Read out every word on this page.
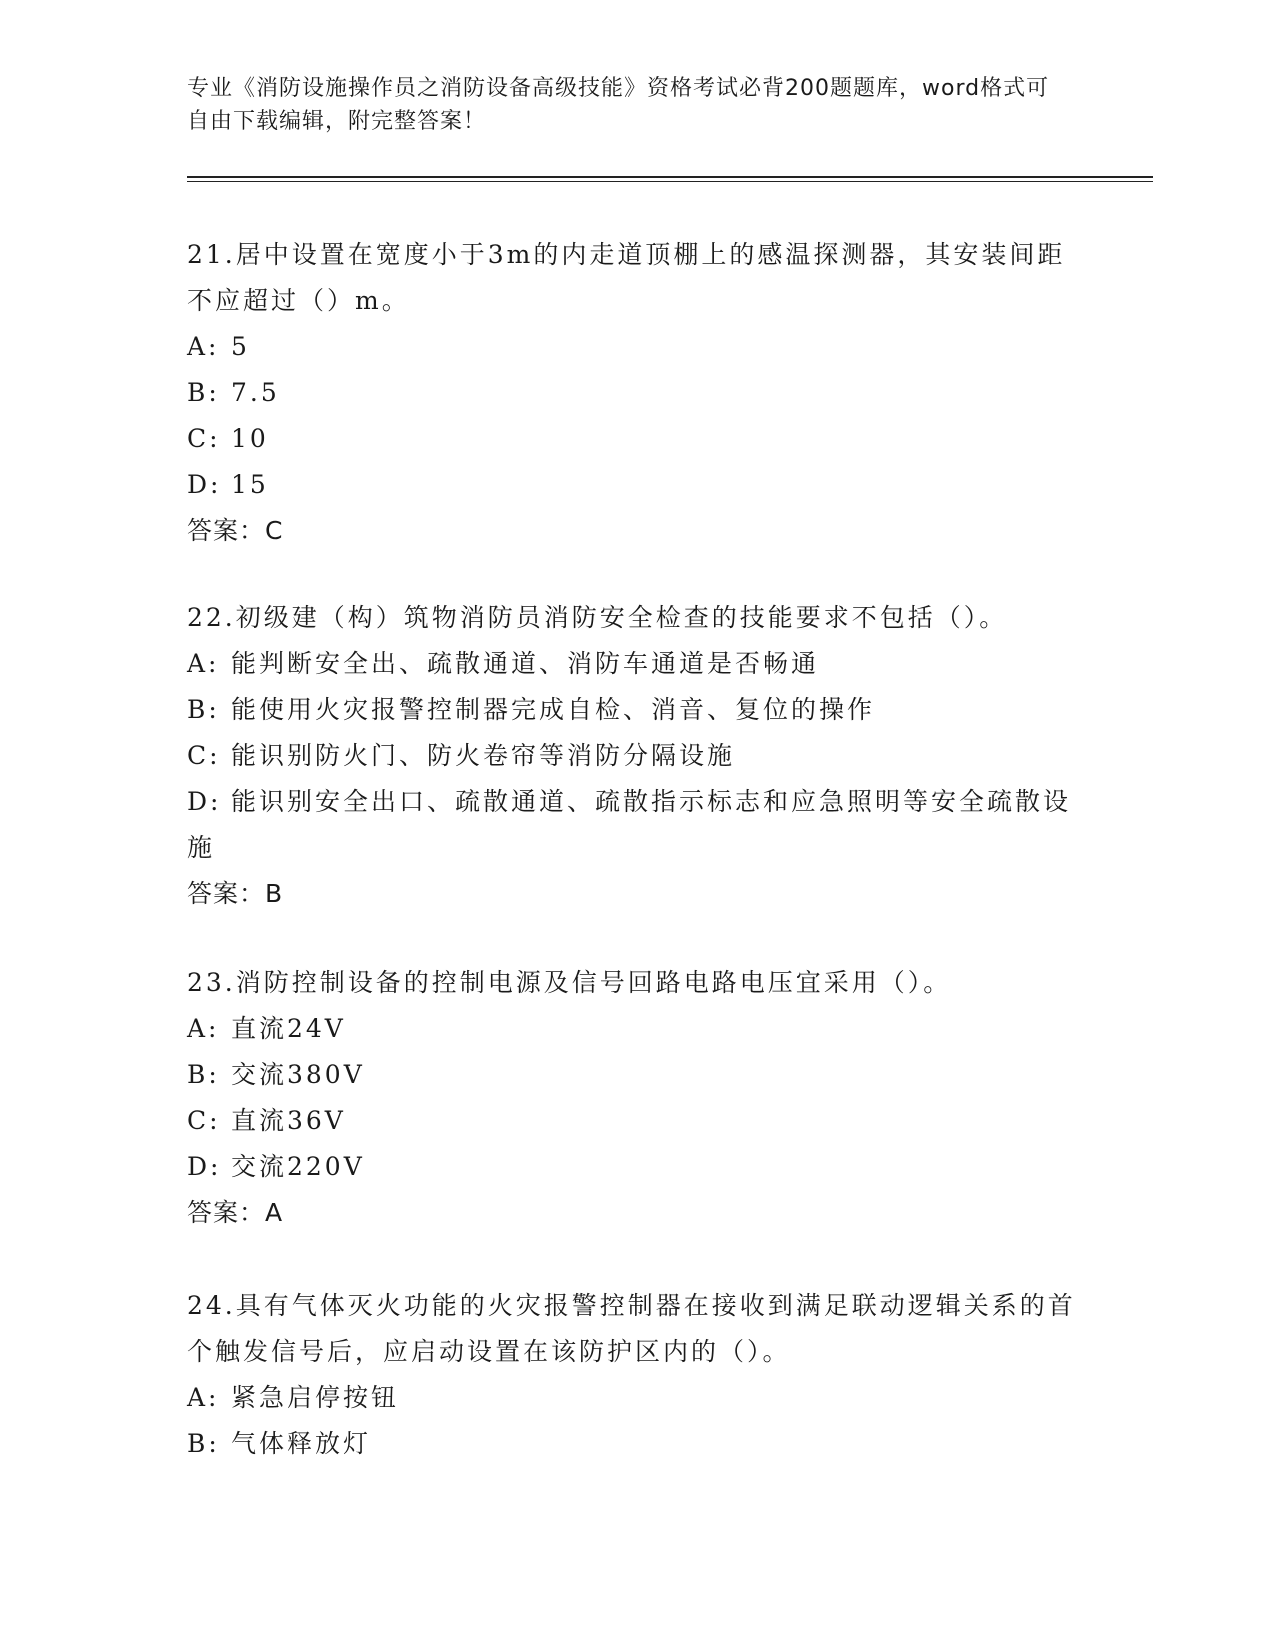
专业《消防设施操作员之消防设备高级技能》资格考试必背200题题库，word格式可自由下载编辑，附完整答案！

21.居中设置在宽度小于3m的内走道顶棚上的感温探测器，其安装间距不应超过（）m。

A: 5

B: 7.5

C: 10

D: 15

答案：C

22.初级建（构）筑物消防员消防安全检查的技能要求不包括（）。

A: 能判断安全出、疏散通道、消防车通道是否畅通

B: 能使用火灾报警控制器完成自检、消音、复位的操作

C: 能识别防火门、防火卷帘等消防分隔设施

D: 能识别安全出口、疏散通道、疏散指示标志和应急照明等安全疏散设施

答案：B

23.消防控制设备的控制电源及信号回路电路电压宜采用（）。

A: 直流24V

B: 交流380V

C: 直流36V

D: 交流220V

答案：A

24.具有气体灭火功能的火灾报警控制器在接收到满足联动逻辑关系的首个触发信号后，应启动设置在该防护区内的（）。

A: 紧急启停按钮

B: 气体释放灯
